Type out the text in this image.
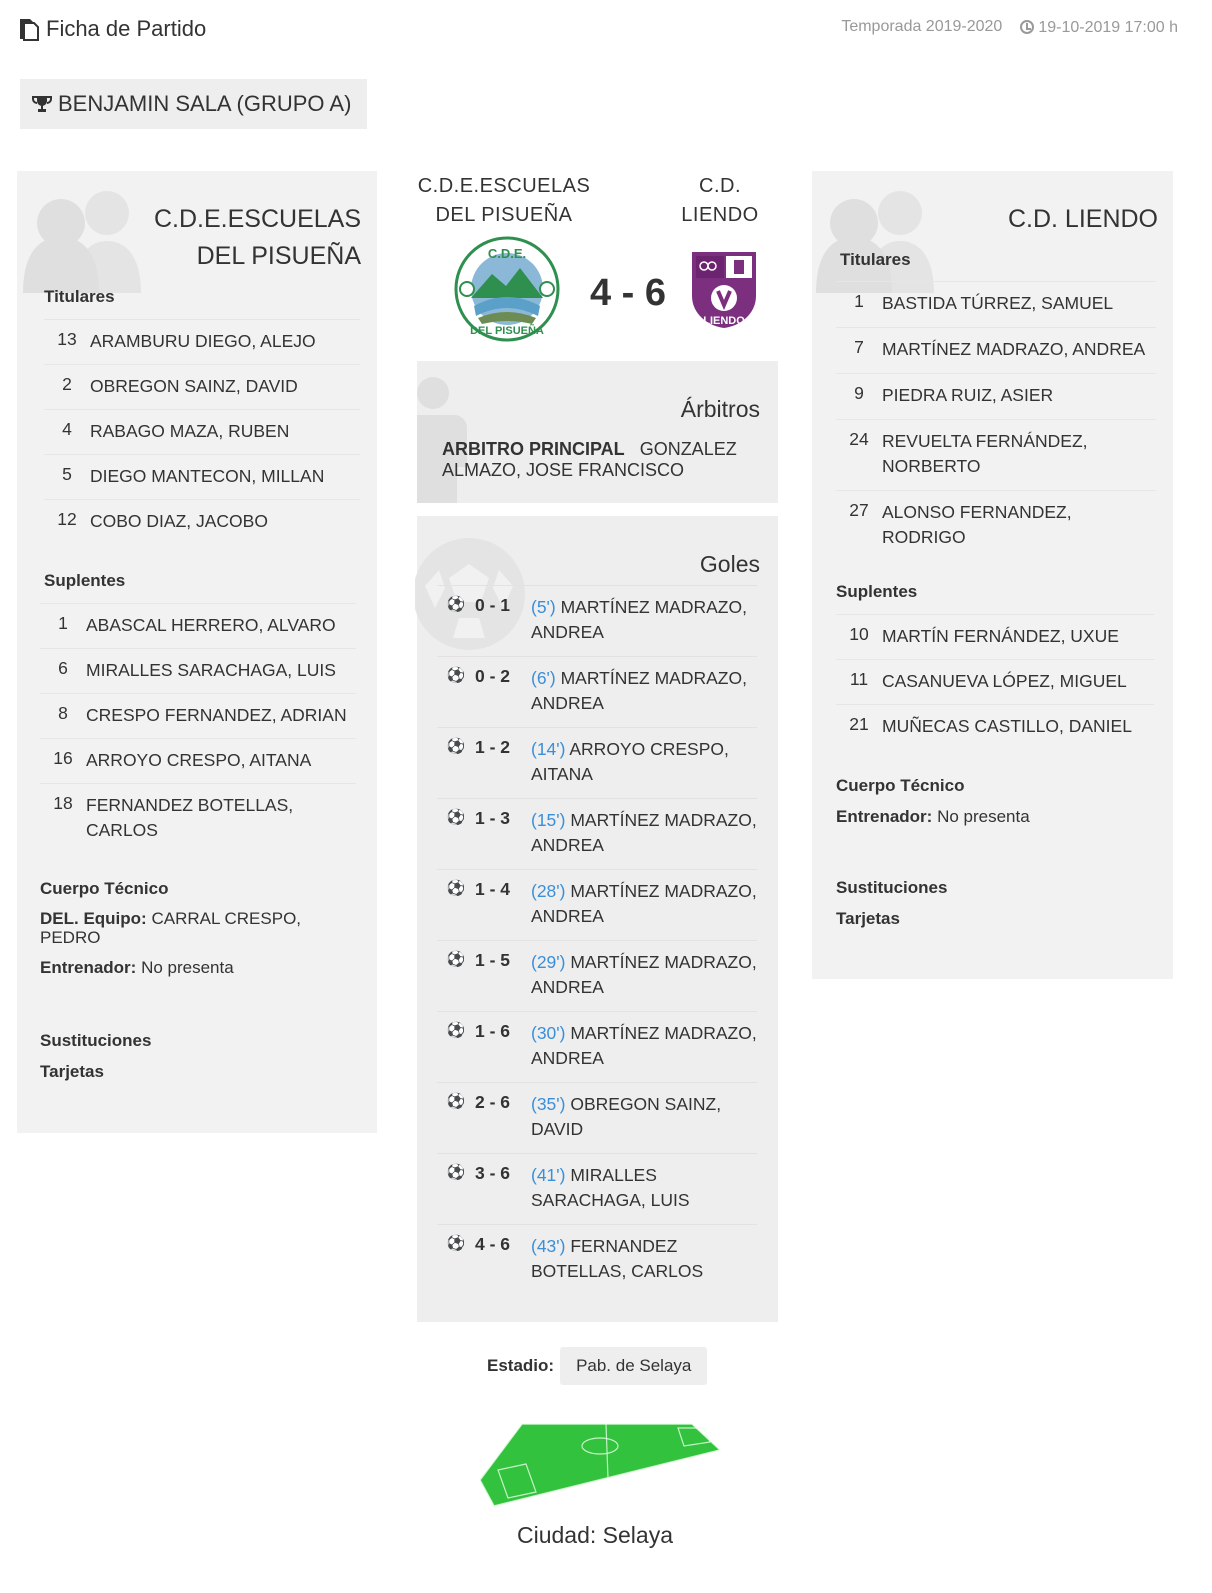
Ficha de Partido	Temporada 2019-2020	19-10-2019 17:00 h
BENJAMIN SALA (GRUPO A)
C.D.E.ESCUELAS DEL PISUEÑA
Titulares
13 ARAMBURU DIEGO, ALEJO
2	OBREGON SAINZ, DAVID
4	RABAGO MAZA, RUBEN
5	DIEGO MANTECON, MILLAN
12 COBO DIAZ, JACOBO
Suplentes
1	ABASCAL HERRERO, ALVARO
6	MIRALLES SARACHAGA, LUIS
8	CRESPO FERNANDEZ, ADRIAN
16 ARROYO CRESPO, AITANA
18 FERNANDEZ BOTELLAS, CARLOS
Cuerpo Técnico
DEL. Equipo: CARRAL CRESPO, PEDRO
Entrenador: No presenta
Sustituciones
Tarjetas
C.D.E.ESCUELAS
DEL PISUEÑA
C.D.
LIENDO
C.D.E.
DEL PISUEÑA
4 - 6
LIENDO
Árbitros
ARBITRO PRINCIPAL GONZALEZ ALMAZO, JOSE FRANCISCO
Goles
⚽ 0 - 1	(5') MARTÍNEZ MADRAZO, ANDREA
⚽ 0 - 2	(6') MARTÍNEZ MADRAZO, ANDREA
⚽ 1 - 2	(14') ARROYO CRESPO, AITANA
⚽ 1 - 3	(15') MARTÍNEZ MADRAZO, ANDREA
⚽ 1 - 4	(28') MARTÍNEZ MADRAZO, ANDREA
⚽ 1 - 5	(29') MARTÍNEZ MADRAZO, ANDREA
⚽ 1 - 6	(30') MARTÍNEZ MADRAZO, ANDREA
⚽ 2 - 6	(35') OBREGON SAINZ, DAVID
⚽ 3 - 6	(41') MIRALLES SARACHAGA, LUIS
⚽ 4 - 6	(43') FERNANDEZ BOTELLAS, CARLOS
C.D. LIENDO
Titulares
1	BASTIDA TÚRREZ, SAMUEL
7	MARTÍNEZ MADRAZO, ANDREA
9	PIEDRA RUIZ, ASIER
24 REVUELTA FERNÁNDEZ, NORBERTO
27 ALONSO FERNANDEZ, RODRIGO
Suplentes
10 MARTÍN FERNÁNDEZ, UXUE
11 CASANUEVA LÓPEZ, MIGUEL
21 MUÑECAS CASTILLO, DANIEL
Cuerpo Técnico
Entrenador: No presenta
Sustituciones
Tarjetas
Estadio:	Pab. de Selaya
Ciudad: Selaya
